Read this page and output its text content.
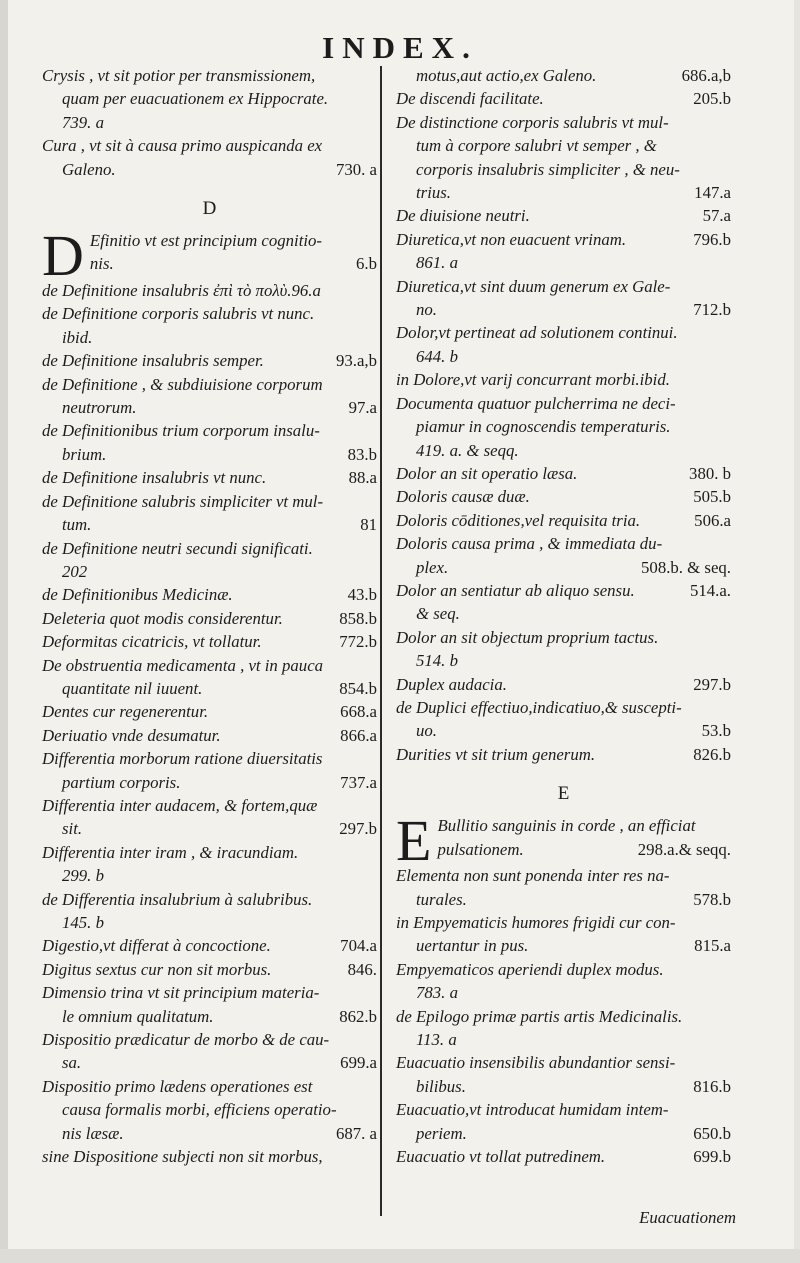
INDEX.
Crysis , vt sit potior per transmissionem,
quam per euacuationem ex Hippocrate.
739. a
Cura , vt sit à causa primo auspicanda ex
Galeno.	730. a
D
D Efinitio vt est principium cognitio-
nis.	6.b
de Definitione insalubris ἐπὶ τὸ πολὺ.96.a
de Definitione corporis salubris vt nunc.
ibid.
de Definitione insalubris semper.	93.a,b
de Definitione , & subdiuisione corporum
neutrorum.	97.a
de Definitionibus trium corporum insalu-
brium.	83.b
de Definitione insalubris vt nunc.	88.a
de Definitione salubris simpliciter vt mul-
tum.	81
de Definitione neutri secundi significati.
202
de Definitionibus Medicinæ.	43.b
Deleteria quot modis considerentur.	858.b
Deformitas cicatricis, vt tollatur.	772.b
De obstruentia medicamenta , vt in pauca
quantitate nil iuuent.	854.b
Dentes cur regenerentur.	668.a
Deriuatio vnde desumatur.	866.a
Differentia morborum ratione diuersitatis
partium corporis.	737.a
Differentia inter audacem, & fortem,quæ
sit.	297.b
Differentia inter iram , & iracundiam.
299. b
de Differentia insalubrium à salubribus.
145. b
Digestio,vt differat à concoctione.	704.a
Digitus sextus cur non sit morbus.	846.
Dimensio trina vt sit principium materia-
le omnium qualitatum.	862.b
Dispositio prædicatur de morbo & de cau-
sa.	699.a
Dispositio primo lædens operationes est
causa formalis morbi, efficiens operatio-
nis læsæ.	687. a
sine Dispositione subjecti non sit morbus,
motus,aut actio,ex Galeno.	686.a,b
De discendi facilitate.	205.b
De distinctione corporis salubris vt mul-
tum à corpore salubri vt semper , &
corporis insalubris simpliciter , & neu-
trius.	147.a
De diuisione neutri.	57.a
Diuretica,vt non euacuent vrinam.	796.b
861. a
Diuretica,vt sint duum generum ex Gale-
no.	712.b
Dolor,vt pertineat ad solutionem continui.
644. b
in Dolore,vt varij concurrant morbi.ibid.
Documenta quatuor pulcherrima ne deci-
piamur in cognoscendis temperaturis.
419. a. & seqq.
Dolor an sit operatio læsa.	380. b
Doloris causæ duæ.	505.b
Doloris cōditiones,vel requisita tria.	506.a
Doloris causa prima , & immediata du-
plex.	508.b. & seq.
Dolor an sentiatur ab aliquo sensu.	514.a.
& seq.
Dolor an sit objectum proprium tactus.
514. b
Duplex audacia.	297.b
de Duplici effectiuo,indicatiuo,& suscepti-
uo.	53.b
Durities vt sit trium generum.	826.b
E
E Bullitio sanguinis in corde , an efficiat
pulsationem.	298.a.& seqq.
Elementa non sunt ponenda inter res na-
turales.	578.b
in Empyematicis humores frigidi cur con-
uertantur in pus.	815.a
Empyematicos aperiendi duplex modus.
783. a
de Epilogo primæ partis artis Medicinalis.
113. a
Euacuatio insensibilis abundantior sensi-
bilibus.	816.b
Euacuatio,vt introducat humidam intem-
periem.	650.b
Euacuatio vt tollat putredinem.	699.b
Euacuationem
